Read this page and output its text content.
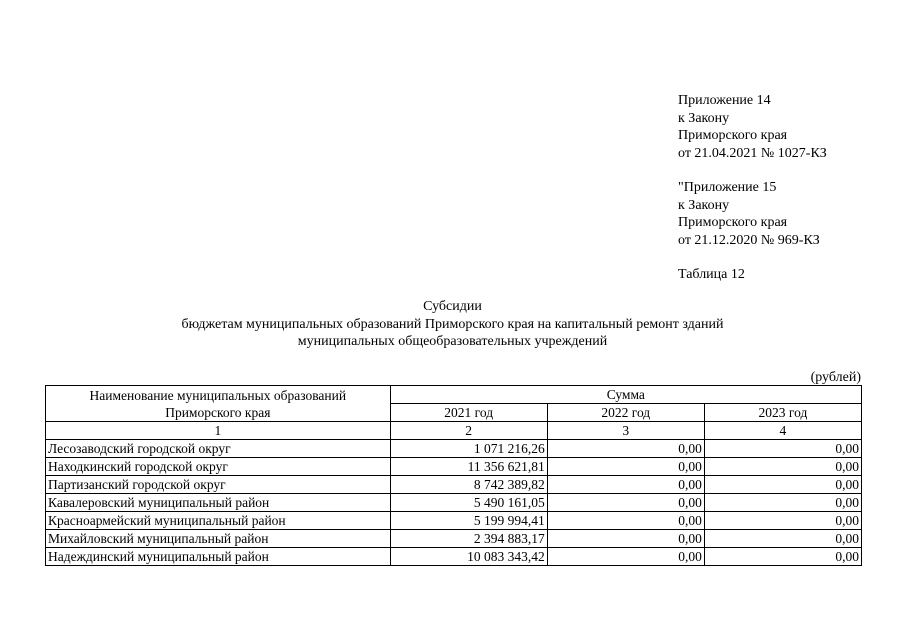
Приложение 14
к Закону
Приморского края
от 21.04.2021 № 1027-КЗ
"Приложение 15
к Закону
Приморского края
от 21.12.2020 № 969-КЗ
Таблица 12
Субсидии
бюджетам муниципальных образований Приморского края на капитальный ремонт зданий
муниципальных общеобразовательных учреждений
(рублей)
Наименование муниципальных образований
Приморского края	Сумма		
	2021 год	2022 год	2023 год
1	2	3	4
Лесозаводский городской округ	1 071 216,26	0,00	0,00
Находкинский городской округ	11 356 621,81	0,00	0,00
Партизанский городской округ	8 742 389,82	0,00	0,00
Кавалеровский муниципальный район	5 490 161,05	0,00	0,00
Красноармейский муниципальный район	5 199 994,41	0,00	0,00
Михайловский муниципальный район	2 394 883,17	0,00	0,00
Надеждинский муниципальный район	10 083 343,42	0,00	0,00
